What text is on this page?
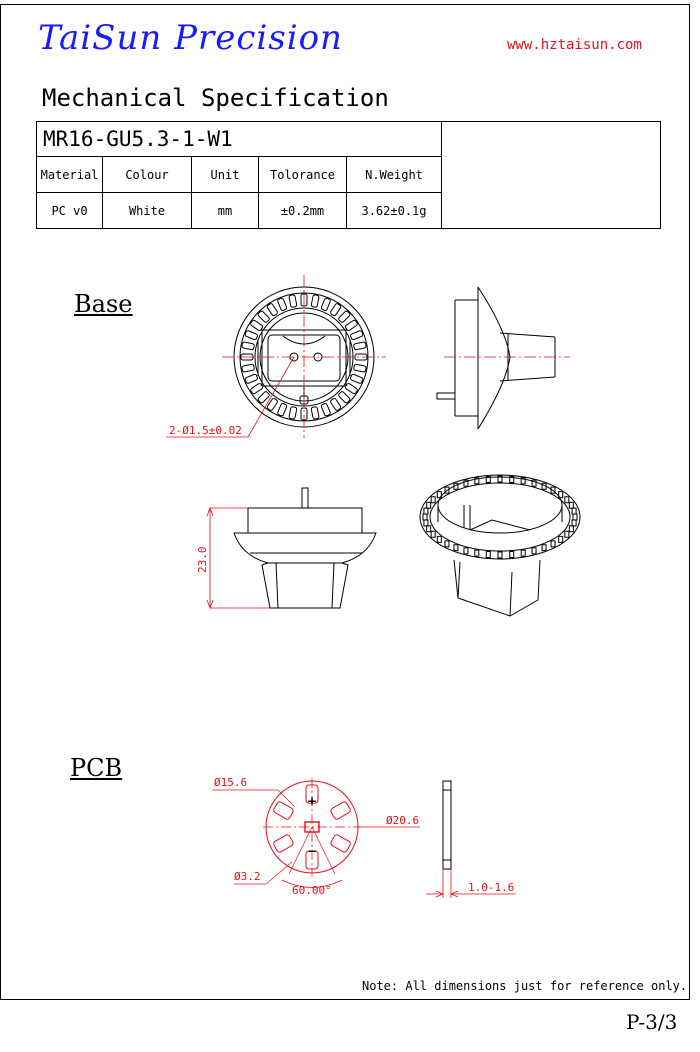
TaiSun Precision	www.hztaisun.com
Mechanical Specification
MR16-GU5.3-1-W1					
Material	Colour	Unit	Tolorance	N.Weight	
PC v0	White	mm	±0.2mm	3.62±0.1g	
Base
PCB
2-Ø1.5±0.02
23.0
+
−
Ø15.6
Ø20.6
Ø3.2
60.00°	1.0-1.6
Note: All dimensions just for reference only.
P-3/3
